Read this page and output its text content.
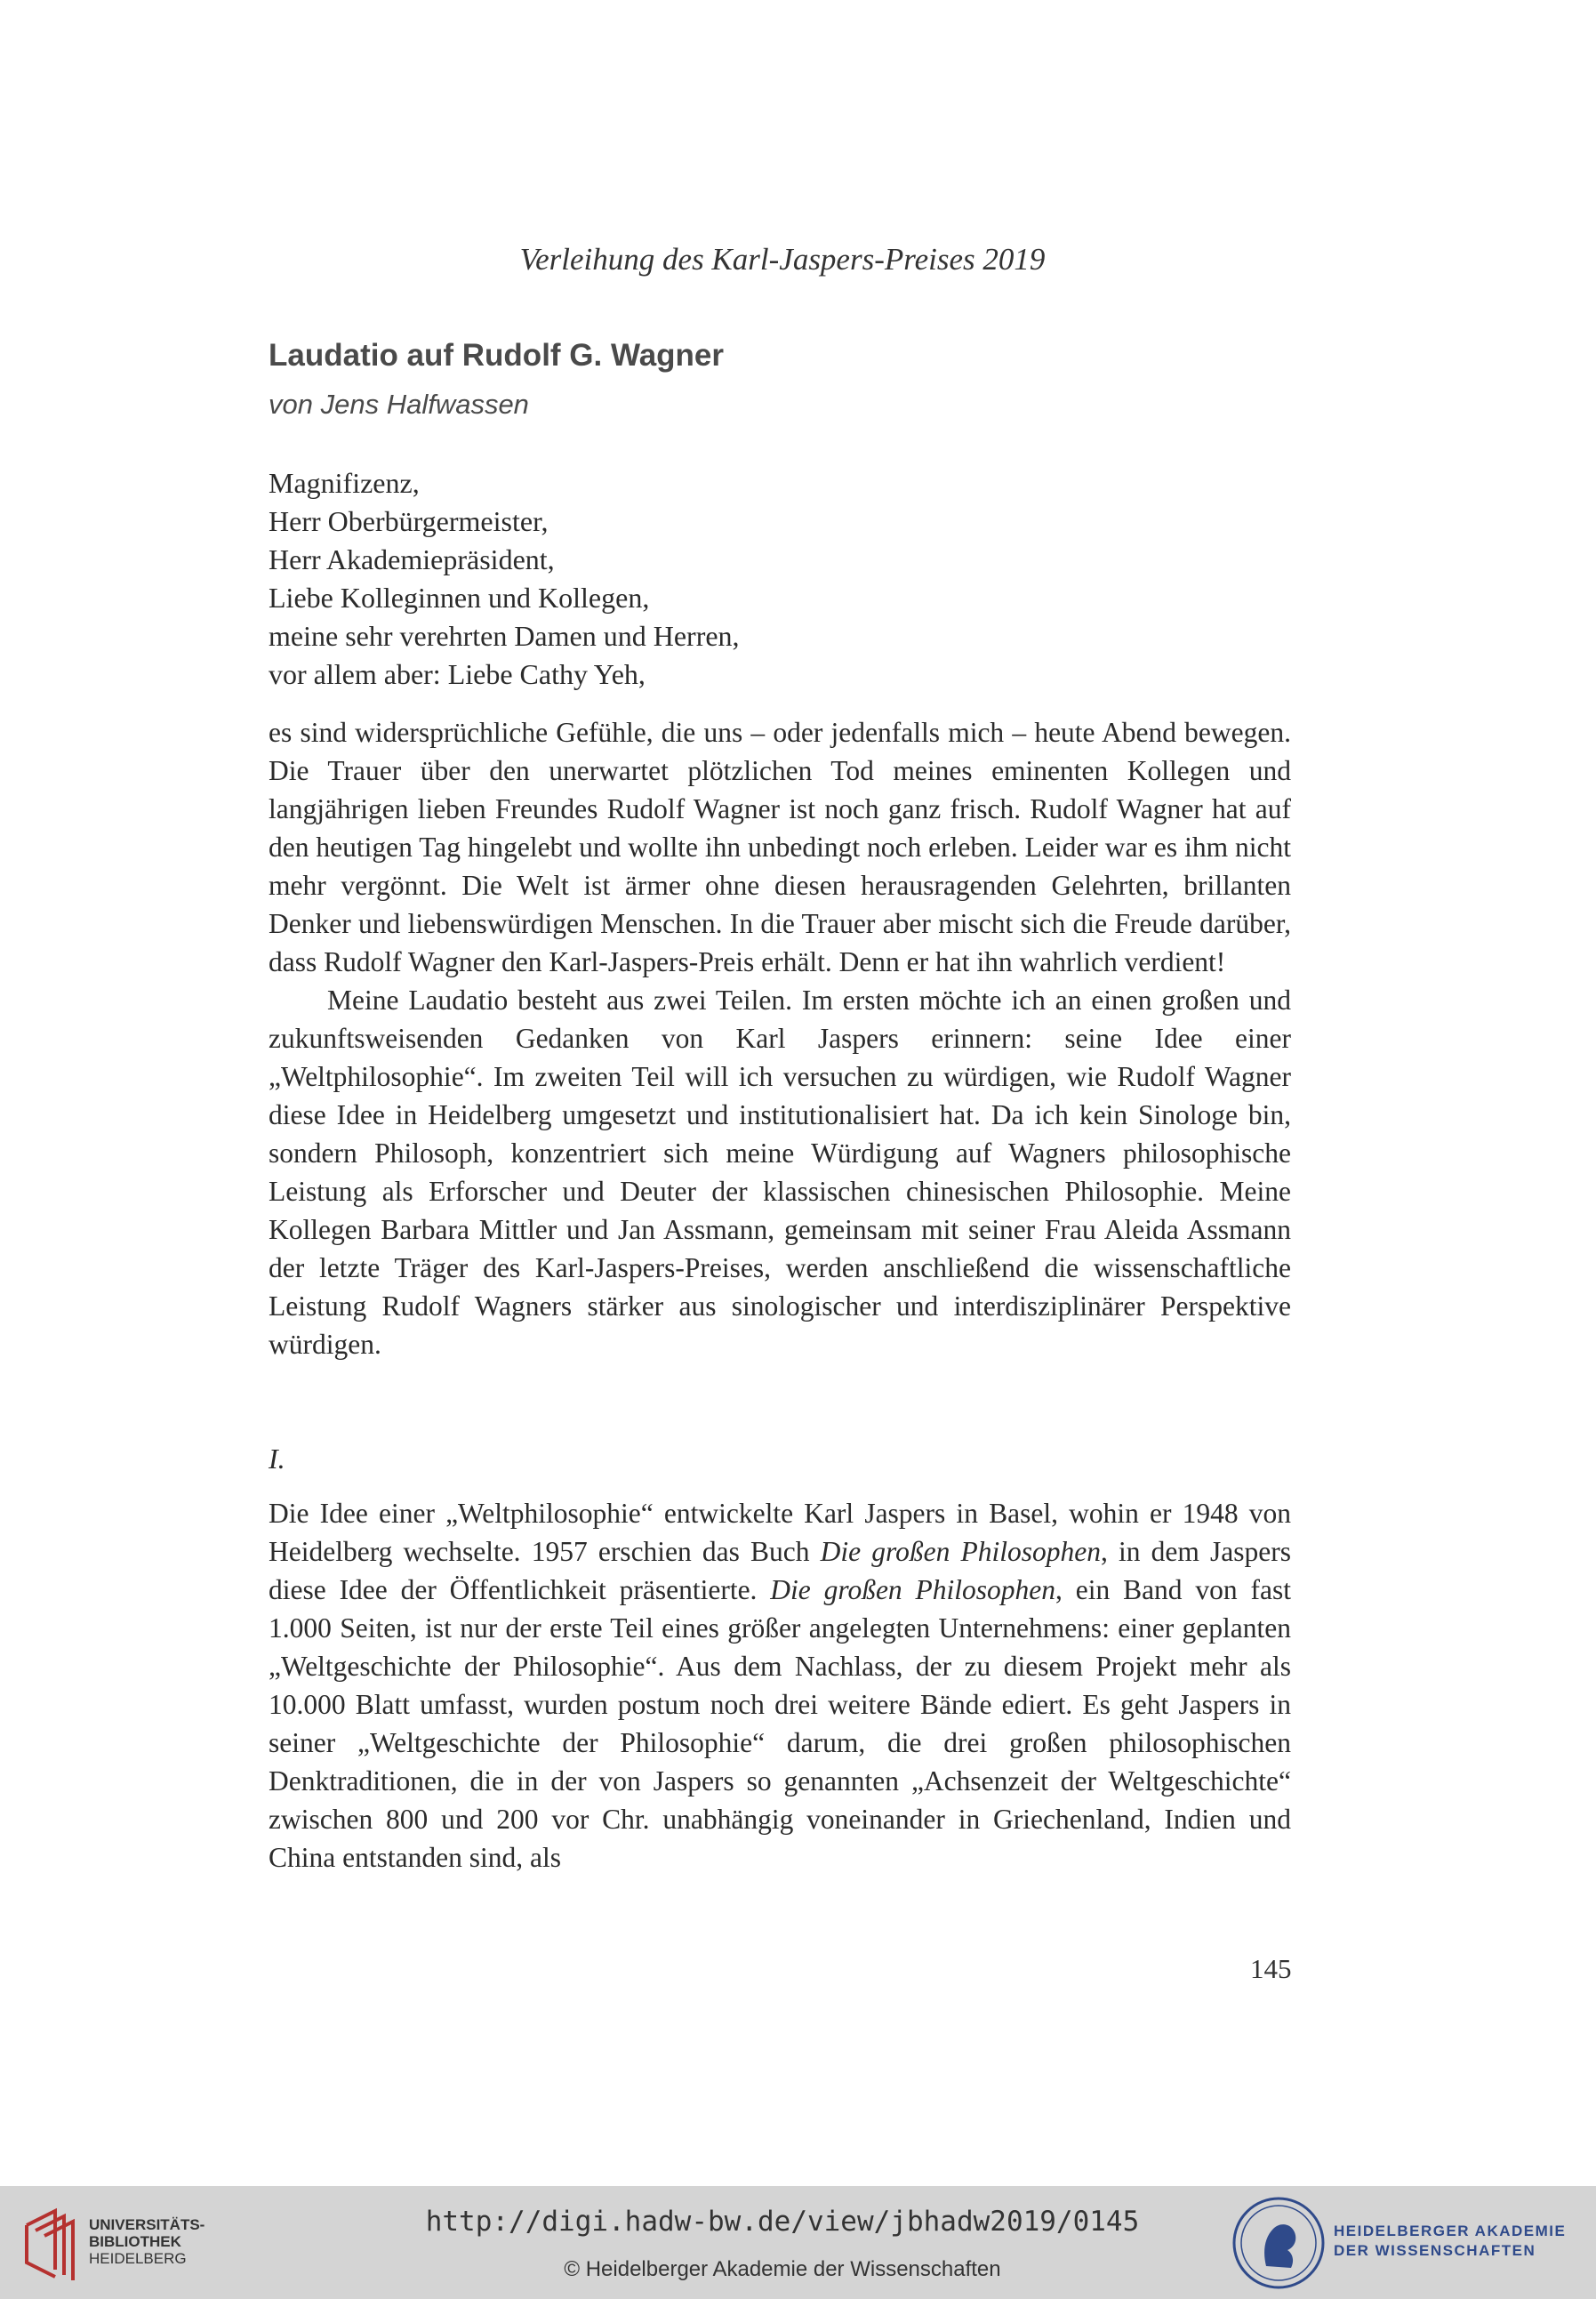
Verleihung des Karl-Jaspers-Preises 2019
Laudatio auf Rudolf G. Wagner
von Jens Halfwassen
Magnifizenz,
Herr Oberbürgermeister,
Herr Akademiepräsident,
Liebe Kolleginnen und Kollegen,
meine sehr verehrten Damen und Herren,
vor allem aber: Liebe Cathy Yeh,

es sind widersprüchliche Gefühle, die uns – oder jedenfalls mich – heute Abend bewegen. Die Trauer über den unerwartet plötzlichen Tod meines eminenten Kollegen und langjährigen lieben Freundes Rudolf Wagner ist noch ganz frisch. Rudolf Wagner hat auf den heutigen Tag hingelebt und wollte ihn unbedingt noch erleben. Leider war es ihm nicht mehr vergönnt. Die Welt ist ärmer ohne diesen herausragenden Gelehrten, brillanten Denker und liebenswürdigen Menschen. In die Trauer aber mischt sich die Freude darüber, dass Rudolf Wagner den Karl-Jaspers-Preis erhält. Denn er hat ihn wahrlich verdient!

Meine Laudatio besteht aus zwei Teilen. Im ersten möchte ich an einen großen und zukunftsweisenden Gedanken von Karl Jaspers erinnern: seine Idee einer „Weltphilosophie“. Im zweiten Teil will ich versuchen zu würdigen, wie Rudolf Wagner diese Idee in Heidelberg umgesetzt und institutionalisiert hat. Da ich kein Sinologe bin, sondern Philosoph, konzentriert sich meine Würdigung auf Wagners philosophische Leistung als Erforscher und Deuter der klassischen chinesischen Philosophie. Meine Kollegen Barbara Mittler und Jan Assmann, gemeinsam mit seiner Frau Aleida Assmann der letzte Träger des Karl-Jaspers-Preises, werden anschließend die wissenschaftliche Leistung Rudolf Wagners stärker aus sinologischer und interdisziplinärer Perspektive würdigen.

I.

Die Idee einer „Weltphilosophie“ entwickelte Karl Jaspers in Basel, wohin er 1948 von Heidelberg wechselte. 1957 erschien das Buch Die großen Philosophen, in dem Jaspers diese Idee der Öffentlichkeit präsentierte. Die großen Philosophen, ein Band von fast 1.000 Seiten, ist nur der erste Teil eines größer angelegten Unternehmens: einer geplanten „Weltgeschichte der Philosophie“. Aus dem Nachlass, der zu diesem Projekt mehr als 10.000 Blatt umfasst, wurden postum noch drei weitere Bände ediert. Es geht Jaspers in seiner „Weltgeschichte der Philosophie“ darum, die drei großen philosophischen Denktraditionen, die in der von Jaspers so genannten „Achsenzeit der Weltgeschichte“ zwischen 800 und 200 vor Chr. unabhängig voneinander in Griechenland, Indien und China entstanden sind, als

145
UNIVERSITÄTS-
BIBLIOTHEK
HEIDELBERG
http://digi.hadw-bw.de/view/jbhadw2019/0145
© Heidelberger Akademie der Wissenschaften
HEIDELBERGER AKADEMIE
DER WISSENSCHAFTEN
